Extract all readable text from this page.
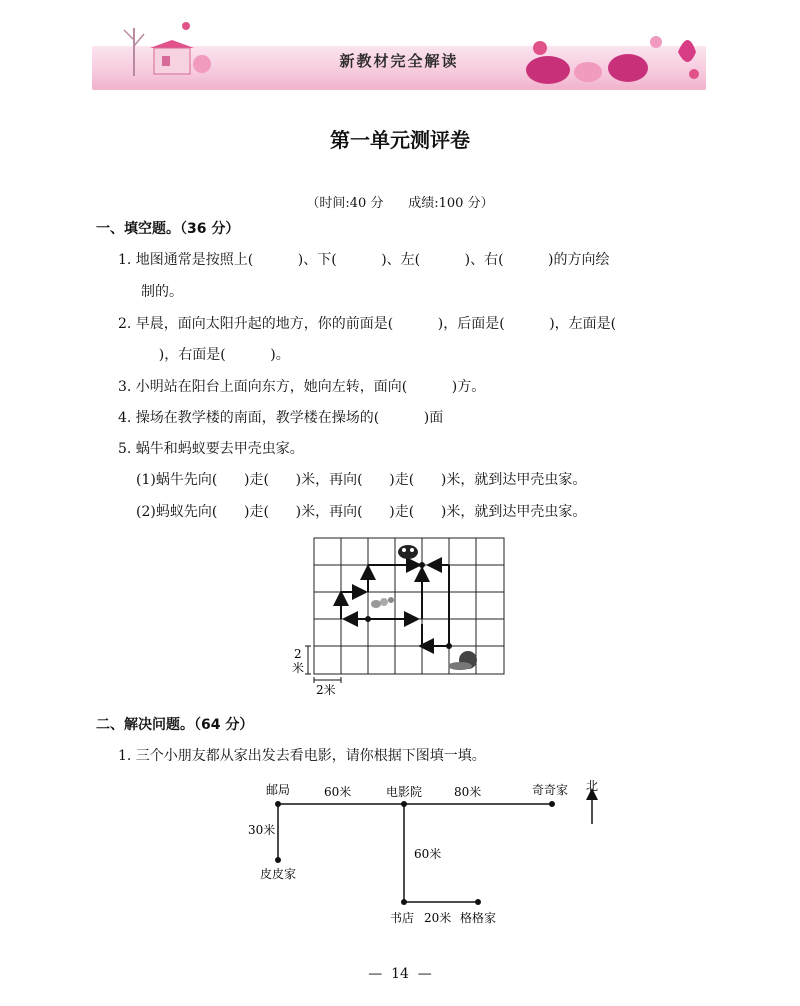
新教材完全解读
第一单元测评卷
（时间:40 分      成绩:100 分）
一、填空题。（36 分）
1. 地图通常是按照上(          )、下(          )、左(          )、右(          )的方向绘
制的。
2. 早晨，面向太阳升起的地方，你的前面是(          )，后面是(          )，左面是(
)，右面是(          )。
3. 小明站在阳台上面向东方，她向左转，面向(          )方。
4. 操场在教学楼的南面，教学楼在操场的(          )面
5. 蜗牛和蚂蚁要去甲壳虫家。
(1)蜗牛先向(      )走(      )米，再向(      )走(      )米，就到达甲壳虫家。
(2)蚂蚁先向(      )走(      )米，再向(      )走(      )米，就到达甲壳虫家。
2
米
2米
二、解决问题。（64 分）
1. 三个小朋友都从家出发去看电影，请你根据下图填一填。
邮局	60米	电影院	80米	奇奇家 北
30米
皮皮家
60米
书店 20米 格格家
—  14  —
